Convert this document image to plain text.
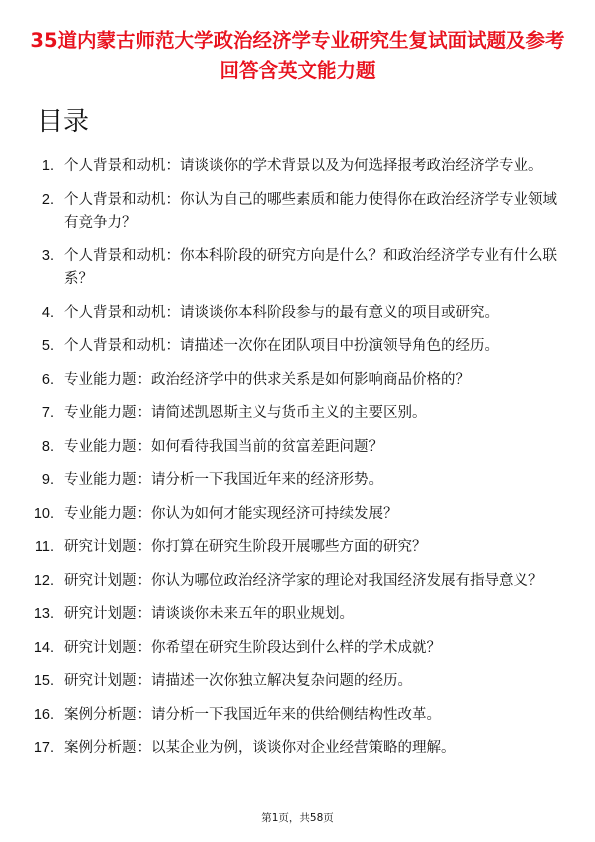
35道内蒙古师范大学政治经济学专业研究生复试面试题及参考回答含英文能力题
目录
1. 个人背景和动机：请谈谈你的学术背景以及为何选择报考政治经济学专业。
2. 个人背景和动机：你认为自己的哪些素质和能力使得你在政治经济学专业领域有竞争力？
3. 个人背景和动机：你本科阶段的研究方向是什么？和政治经济学专业有什么联系？
4. 个人背景和动机：请谈谈你本科阶段参与的最有意义的项目或研究。
5. 个人背景和动机：请描述一次你在团队项目中扮演领导角色的经历。
6. 专业能力题：政治经济学中的供求关系是如何影响商品价格的？
7. 专业能力题：请简述凯恩斯主义与货币主义的主要区别。
8. 专业能力题：如何看待我国当前的贫富差距问题？
9. 专业能力题：请分析一下我国近年来的经济形势。
10. 专业能力题：你认为如何才能实现经济可持续发展？
11. 研究计划题：你打算在研究生阶段开展哪些方面的研究？
12. 研究计划题：你认为哪位政治经济学家的理论对我国经济发展有指导意义？
13. 研究计划题：请谈谈你未来五年的职业规划。
14. 研究计划题：你希望在研究生阶段达到什么样的学术成就？
15. 研究计划题：请描述一次你独立解决复杂问题的经历。
16. 案例分析题：请分析一下我国近年来的供给侧结构性改革。
17. 案例分析题：以某企业为例，谈谈你对企业经营策略的理解。
第1页，共58页
